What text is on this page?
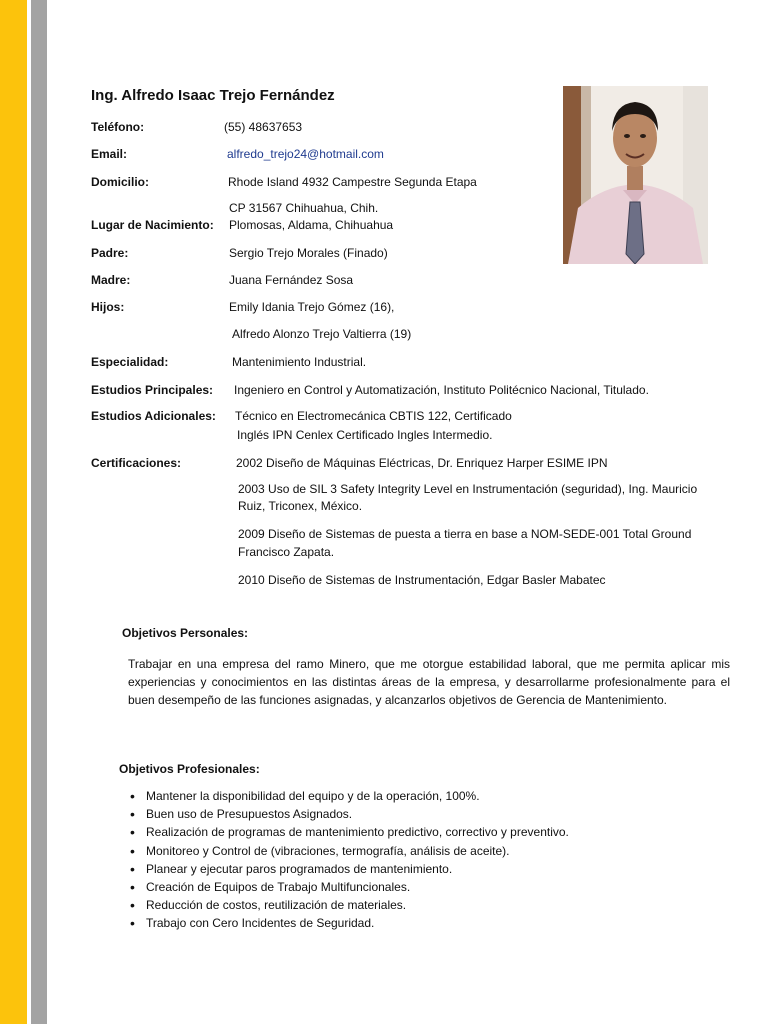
Ing. Alfredo Isaac Trejo Fernández
Teléfono:	(55) 48637653
Email:	alfredo_trejo24@hotmail.com
Domicilio:	Rhode Island 4932 Campestre Segunda Etapa
CP 31567 Chihuahua, Chih.
Lugar de Nacimiento: Plomosas, Aldama, Chihuahua
Padre:	Sergio Trejo Morales (Finado)
Madre:	Juana Fernández Sosa
Hijos:	Emily Idania Trejo Gómez (16),
Alfredo Alonzo Trejo Valtierra (19)
Especialidad:	Mantenimiento Industrial.
Estudios Principales: Ingeniero en Control y Automatización, Instituto Politécnico Nacional, Titulado.
Estudios Adicionales: Técnico en Electromecánica CBTIS 122, Certificado
Inglés IPN Cenlex Certificado Ingles Intermedio.
Certificaciones:	2002 Diseño de Máquinas Eléctricas, Dr. Enriquez Harper ESIME IPN
2003 Uso de SIL 3 Safety Integrity Level en Instrumentación (seguridad), Ing. Mauricio
Ruiz, Triconex, México.
2009 Diseño de Sistemas de puesta a tierra en base a NOM-SEDE-001 Total Ground
Francisco Zapata.
2010 Diseño de Sistemas de Instrumentación, Edgar Basler Mabatec
Objetivos Personales:
Trabajar en una empresa del ramo Minero, que me otorgue estabilidad laboral, que me permita aplicar mis experiencias y conocimientos en las distintas áreas de la empresa, y desarrollarme profesionalmente para el buen desempeño de las funciones asignadas, y alcanzarlos objetivos de Gerencia de Mantenimiento.
Objetivos Profesionales:
• Mantener la disponibilidad del equipo y de la operación, 100%.
• Buen uso de Presupuestos Asignados.
• Realización de programas de mantenimiento predictivo, correctivo y preventivo.
• Monitoreo y Control de (vibraciones, termografía, análisis de aceite).
• Planear y ejecutar paros programados de mantenimiento.
• Creación de Equipos de Trabajo Multifuncionales.
• Reducción de costos, reutilización de materiales.
• Trabajo con Cero Incidentes de Seguridad.
